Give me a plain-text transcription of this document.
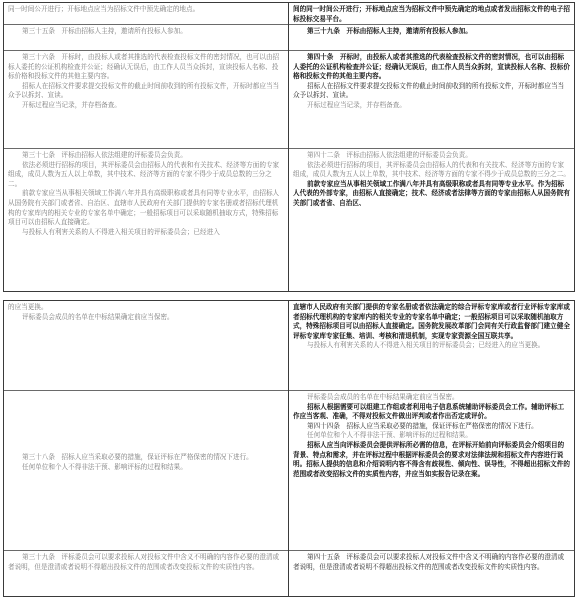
同一时间公开进行；开标地点应当为招标文件中预先确定的地点。

第三十五条　开标由招标人主持，邀请所有投标人参加。

第三十六条　开标时，由投标人或者其推选的代表检查投标文件的密封情况，也可以由招标人委托的公证机构检查并公证；经确认无误后，由工作人员当众拆封，宣读投标人名称、投标价格和投标文件的其他主要内容。

招标人在招标文件要求提交投标文件的截止时间前收到的所有投标文件，开标时都应当当众予以拆封、宣读。

开标过程应当记录，并存档备查。

第三十七条　评标由招标人依法组建的评标委员会负责。

依法必须进行招标的项目，其评标委员会由招标人的代表和有关技术、经济等方面的专家组成，成员人数为五人以上单数，其中技术、经济等方面的专家不得少于成员总数的三分之二。

前款专家应当从事相关领域工作满八年并具有高级职称或者具有同等专业水平，由招标人从国务院有关部门或者省、自治区、直辖市人民政府有关部门提供的专家名册或者招标代理机构的专家库内的相关专业的专家名单中确定；一般招标项目可以采取随机抽取方式，特殊招标项目可以由招标人直接确定。

与投标人有利害关系的人不得进入相关项目的评标委员会；已经进入

间的同一时间公开进行；开标地点应当为招标文件中预先确定的地点或者发出招标文件的电子招标投标交易平台。

第三十九条　开标由招标人主持，邀请所有投标人参加。

第四十条　开标时，由投标人或者其推选的代表检查投标文件的密封情况，也可以由招标人委托的公证机构检查并公证；经确认无误后，由工作人员当众拆封，宣读投标人名称、投标价格和投标文件的其他主要内容。

招标人在招标文件要求提交投标文件的截止时间前收到的所有投标文件，开标时都应当当众予以拆封、宣读。

开标过程应当记录，并存档备查。

第四十二条　评标由招标人依法组建的评标委员会负责。

依法必须进行招标的项目，其评标委员会由招标人的代表和有关技术、经济等方面的专家组成，成员人数为五人以上单数，其中技术、经济等方面的专家不得少于成员总数的三分之二。

前款专家应当从事相关领域工作满八年并具有高级职称或者具有同等专业水平。作为招标人代表的外部专家，由招标人直接确定；技术、经济或者法律等方面的专家由招标人从国务院有关部门或者省、自治区、

的应当更换。

评标委员会成员的名单在中标结果确定前应当保密。

第三十八条　招标人应当采取必要的措施，保证评标在严格保密的情况下进行。

任何单位和个人不得非法干预、影响评标的过程和结果。

第三十九条　评标委员会可以要求投标人对投标文件中含义不明确的内容作必要的澄清或者说明，但是澄清或者说明不得超出投标文件的范围或者改变投标文件的实质性内容。

直辖市人民政府有关部门提供的专家名册或者依法确定的综合评标专家库或者行业评标专家库或者招标代理机构的专家库内的相关专业的专家名单中确定；一般招标项目可以采取随机抽取方式，特殊招标项目可以由招标人直接确定。国务院发展改革部门会同有关行政监督部门建立健全评标专家库专家征集、培训、考核和清退机制，实现专家资源全国互联共享。

与投标人有利害关系的人不得进入相关项目的评标委员会；已经进入的应当更换。

评标委员会成员的名单在中标结果确定前应当保密。

招标人根据需要可以组建工作组或者利用电子信息系统辅助评标委员会工作。辅助评标工作应当客观、准确，不得对投标文件做出评判或者作出否定或评价。

第四十四条　招标人应当采取必要的措施，保证评标在严格保密的情况下进行。

任何单位和个人不得非法干预、影响评标的过程和结果。

招标人应当向评标委员会提供评标所必需的信息，在评标开始前向评标委员会介绍项目的背景、特点和需求，并在评标过程中根据评标委员会的要求对法律法规和招标文件内容进行说明。招标人提供的信息和介绍说明内容不得含有歧视性、倾向性、误导性，不得超出招标文件的范围或者改变招标文件的实质性内容，并应当如实报告记录在案。

第四十五条　评标委员会可以要求投标人对投标文件中含义不明确的内容作必要的澄清或者说明，但是澄清或者说明不得超出投标文件的范围或者改变投标文件的实质性内容。
